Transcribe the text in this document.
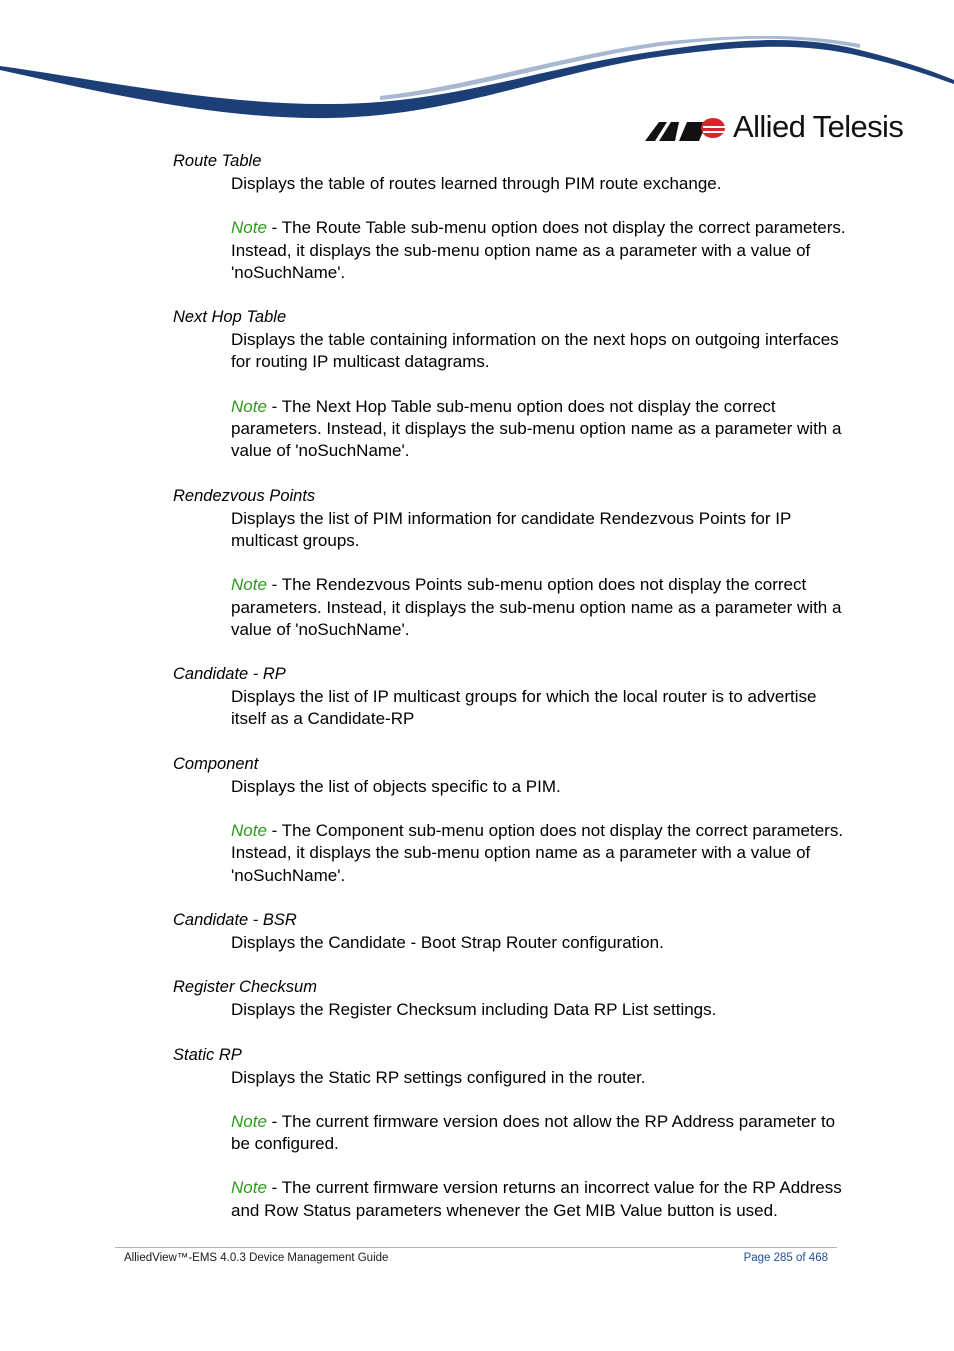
Allied Telesis
Route Table

Displays the table of routes learned through PIM route exchange.

Note - The Route Table sub-menu option does not display the correct parameters. Instead, it displays the sub-menu option name as a parameter with a value of 'noSuchName'.

Next Hop Table

Displays the table containing information on the next hops on outgoing interfaces for routing IP multicast datagrams.

Note - The Next Hop Table sub-menu option does not display the correct parameters. Instead, it displays the sub-menu option name as a parameter with a value of 'noSuchName'.

Rendezvous Points

Displays the list of PIM information for candidate Rendezvous Points for IP multicast groups.

Note - The Rendezvous Points sub-menu option does not display the correct parameters. Instead, it displays the sub-menu option name as a parameter with a value of 'noSuchName'.

Candidate - RP

Displays the list of IP multicast groups for which the local router is to advertise itself as a Candidate-RP

Component

Displays the list of objects specific to a PIM.

Note - The Component sub-menu option does not display the correct parameters. Instead, it displays the sub-menu option name as a parameter with a value of 'noSuchName'.

Candidate - BSR

Displays the Candidate - Boot Strap Router configuration.

Register Checksum

Displays the Register Checksum including Data RP List settings.

Static RP

Displays the Static RP settings configured in the router.

Note - The current firmware version does not allow the RP Address parameter to be configured.

Note - The current firmware version returns an incorrect value for the RP Address and Row Status parameters whenever the Get MIB Value button is used.

AlliedView™-EMS 4.0.3 Device Management Guide	Page 285 of 468
